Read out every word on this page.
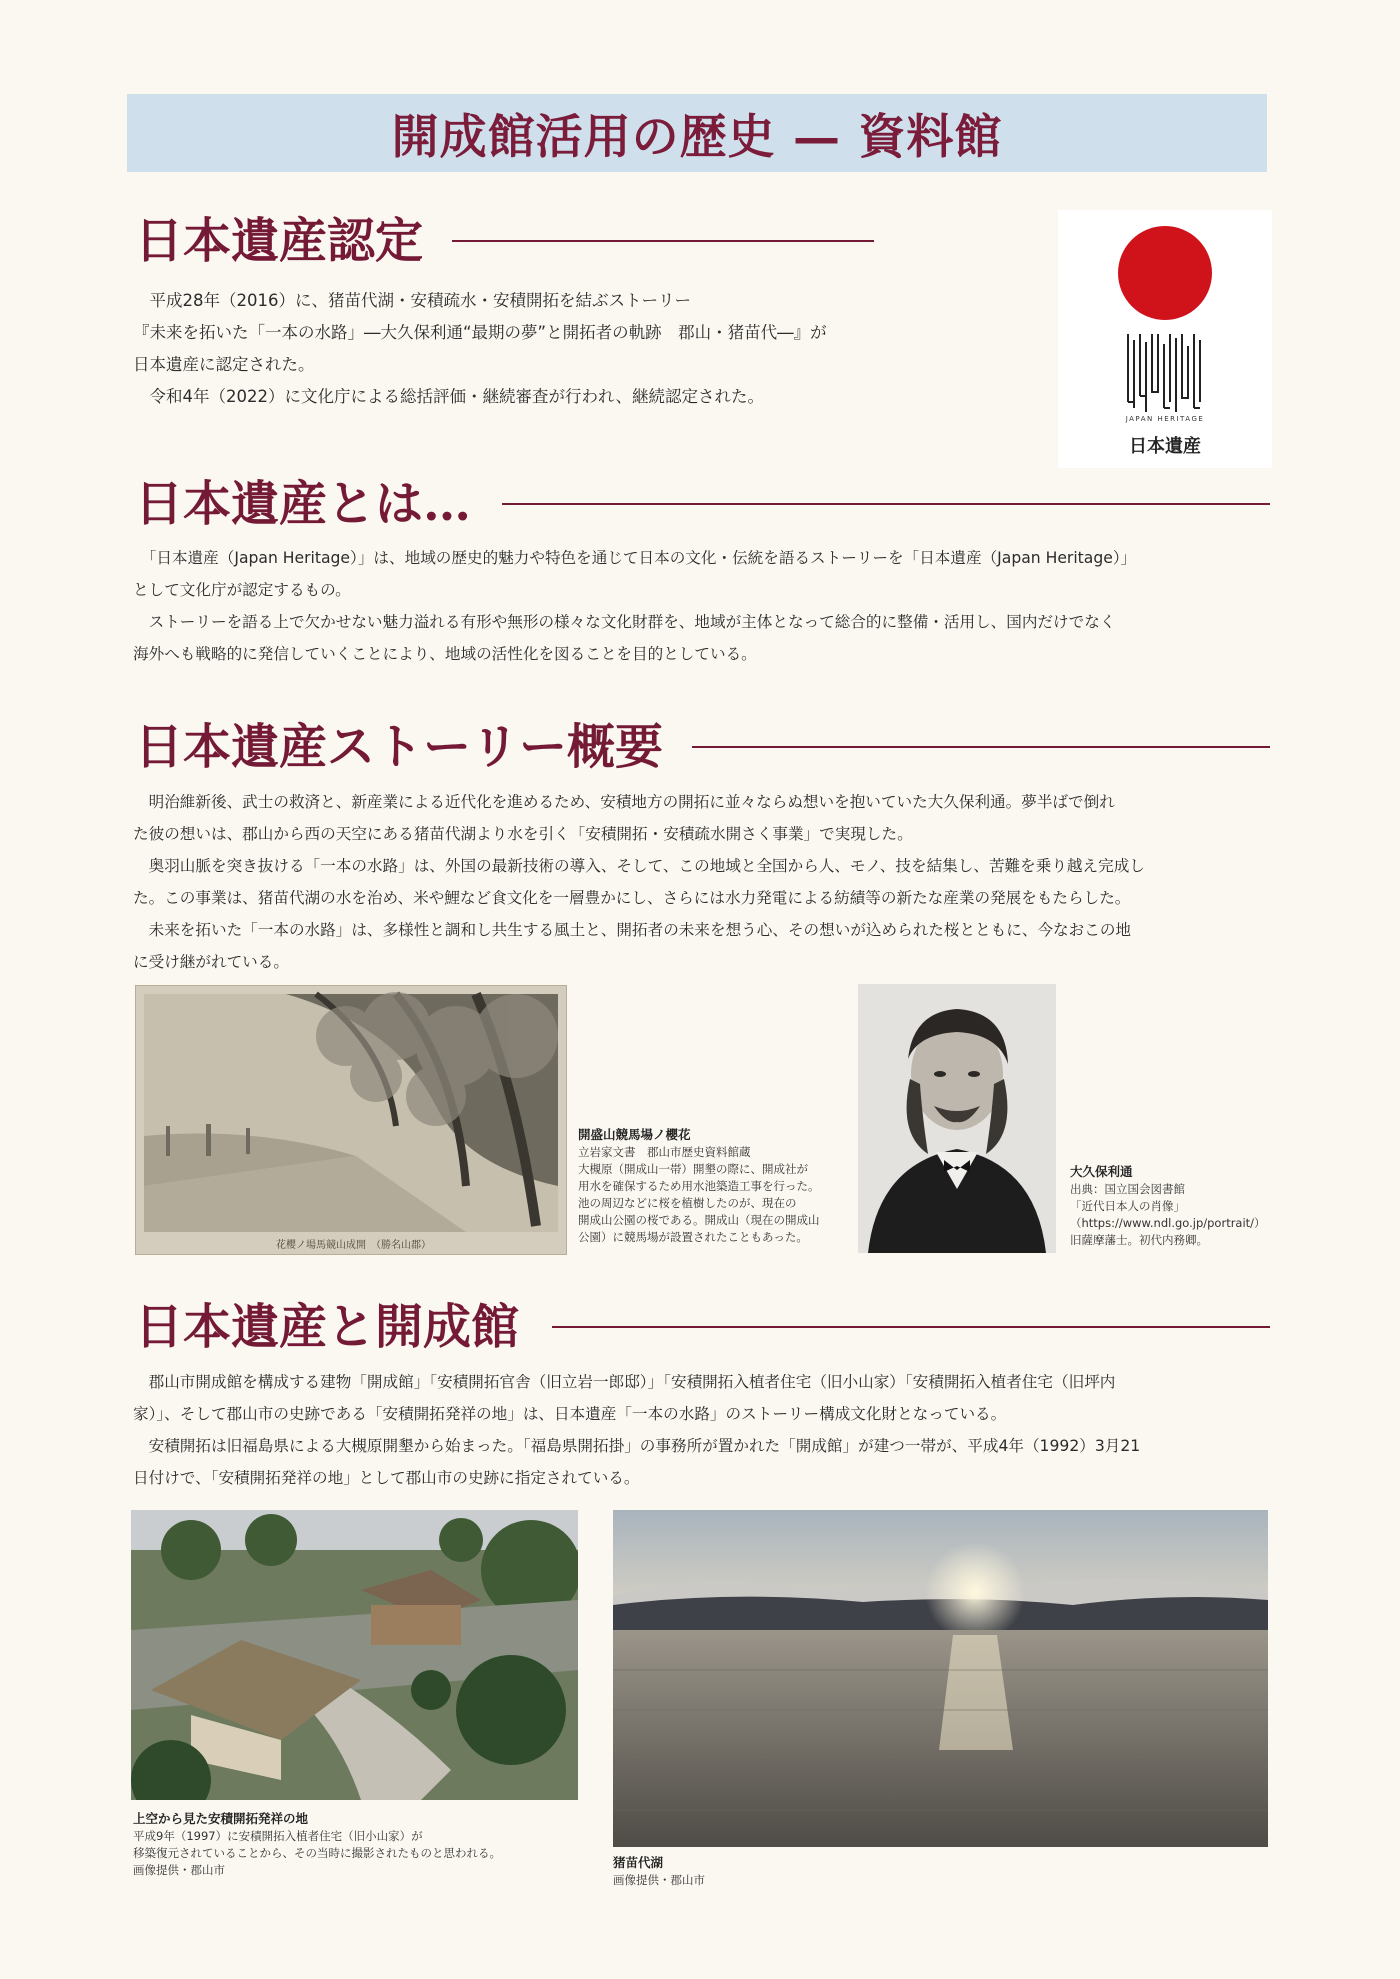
開成館活用の歴史 — 資料館
日本遺産認定

　平成28年（2016）に、猪苗代湖・安積疏水・安積開拓を結ぶストーリー

『未来を拓いた「一本の水路」―大久保利通“最期の夢”と開拓者の軌跡　郡山・猪苗代―』が

日本遺産に認定された。

　令和4年（2022）に文化庁による総括評価・継続審査が行われ、継続認定された。

JAPAN HERITAGE
日本遺産
日本遺産とは…

　「日本遺産（Japan Heritage）」は、地域の歴史的魅力や特色を通じて日本の文化・伝統を語るストーリーを「日本遺産（Japan Heritage）」

として文化庁が認定するもの。

　ストーリーを語る上で欠かせない魅力溢れる有形や無形の様々な文化財群を、地域が主体となって総合的に整備・活用し、国内だけでなく

海外へも戦略的に発信していくことにより、地域の活性化を図ることを目的としている。

日本遺産ストーリー概要

　明治維新後、武士の救済と、新産業による近代化を進めるため、安積地方の開拓に並々ならぬ想いを抱いていた大久保利通。夢半ばで倒れ

た彼の想いは、郡山から西の天空にある猪苗代湖より水を引く「安積開拓・安積疏水開さく事業」で実現した。

　奥羽山脈を突き抜ける「一本の水路」は、外国の最新技術の導入、そして、この地域と全国から人、モノ、技を結集し、苦難を乗り越え完成し

た。この事業は、猪苗代湖の水を治め、米や鯉など食文化を一層豊かにし、さらには水力発電による紡績等の新たな産業の発展をもたらした。

　未来を拓いた「一本の水路」は、多様性と調和し共生する風土と、開拓者の未来を想う心、その想いが込められた桜とともに、今なおこの地

に受け継がれている。

花櫻ノ場馬競山成開　（勝名山郡）

開盛山競馬場ノ櫻花

立岩家文書　郡山市歴史資料館蔵

大槻原（開成山一帯）開墾の際に、開成社が

用水を確保するため用水池築造工事を行った。

池の周辺などに桜を植樹したのが、現在の

開成山公園の桜である。開成山（現在の開成山

公園）に競馬場が設置されたこともあった。

大久保利通

出典：国立国会図書館

「近代日本人の肖像」

（https://www.ndl.go.jp/portrait/）

旧薩摩藩士。初代内務卿。

日本遺産と開成館

　郡山市開成館を構成する建物「開成館」「安積開拓官舎（旧立岩一郎邸）」「安積開拓入植者住宅（旧小山家）「安積開拓入植者住宅（旧坪内

家）」、そして郡山市の史跡である「安積開拓発祥の地」は、日本遺産「一本の水路」のストーリー構成文化財となっている。

　安積開拓は旧福島県による大槻原開墾から始まった。「福島県開拓掛」の事務所が置かれた「開成館」が建つ一帯が、平成4年（1992）3月21

日付けで、「安積開拓発祥の地」として郡山市の史跡に指定されている。

上空から見た安積開拓発祥の地

平成9年（1997）に安積開拓入植者住宅（旧小山家）が

移築復元されていることから、その当時に撮影されたものと思われる。

画像提供・郡山市	猪苗代湖

画像提供・郡山市
